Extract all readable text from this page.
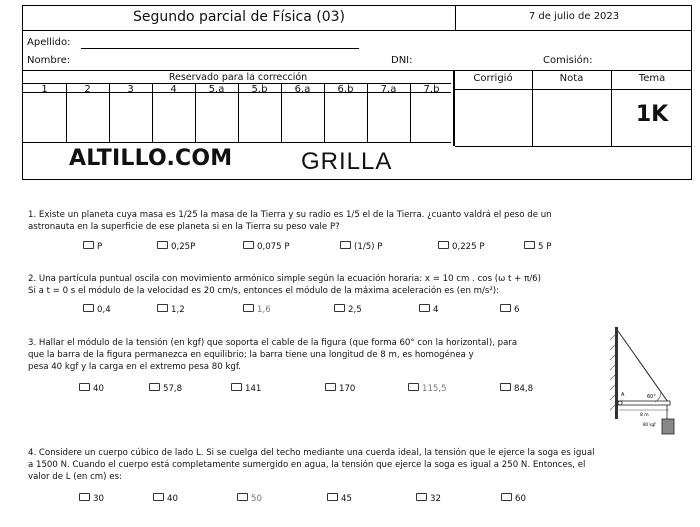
Segundo parcial de Física (03)	7 de julio de 2023
Apellido:
Nombre:	DNI:	Comisión:
Reservado para la corrección	Corrigió	Nota	Tema
1K
1	2	3	4	5.a	5.b	6.a	6.b	7.a	7.b
ALTILLO.COM	GRILLA
1. Existe un planeta cuya masa es 1/25 la masa de la Tierra y su radio es 1/5 el de la Tierra. ¿cuanto valdrá el peso de un
astronauta en la superficie de ese planeta si en la Tierra su peso vale P?
P	0,25P	0,075 P	(1/5) P	0,225 P	5 P
2. Una partícula puntual oscila con movimiento armónico simple según la ecuación horaria: x = 10 cm . cos (ω t + π/6)
Si a t = 0 s el módulo de la velocidad es 20 cm/s, entonces el módulo de la máxima aceleración es (en m/s²):
0,4	1,2	1,6	2,5	4	6
3. Hallar el módulo de la tensión (en kgf) que soporta el cable de la figura (que forma 60° con la horizontal), para
que la barra de la figura permanezca en equilibrio; la barra tiene una longitud de 8 m, es homogénea y
pesa 40 kgf y la carga en el extremo pesa 80 kgf.
40	57,8	141	170	115,5	84,8
A	60°
8 m
80 kgf
4. Considere un cuerpo cúbico de lado L. Si se cuelga del techo mediante una cuerda ideal, la tensión que le ejerce la soga es igual
a 1500 N. Cuando el cuerpo está completamente sumergido en agua, la tensión que ejerce la soga es igual a 250 N. Entonces, el
valor de L (en cm) es:
30	40	50	45	32	60
